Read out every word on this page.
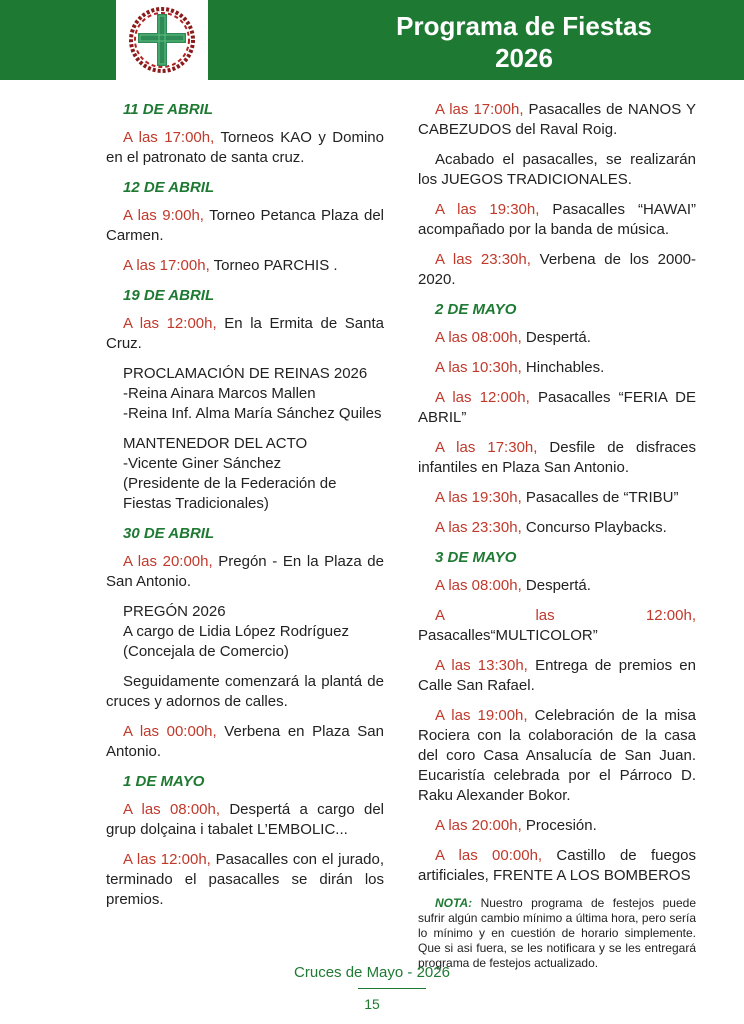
Programa de Fiestas
2026
11 DE ABRIL
A las 17:00h, Torneos KAO y Domino en el patronato de santa cruz.
12 DE ABRIL
A las 9:00h, Torneo Petanca Plaza del Carmen.
A las 17:00h, Torneo PARCHIS .
19 DE ABRIL
A las 12:00h, En la Ermita de Santa Cruz.
PROCLAMACIÓN DE REINAS 2026
-Reina Ainara Marcos Mallen
-Reina Inf. Alma María Sánchez Quiles
MANTENEDOR DEL ACTO
-Vicente Giner Sánchez
(Presidente de la Federación de Fiestas Tradicionales)
30 DE ABRIL
A las 20:00h, Pregón - En la Plaza de San Antonio.
PREGÓN 2026
A cargo de Lidia López Rodríguez
(Concejala de Comercio)
Seguidamente comenzará la plantá de cruces y adornos de calles.
A las 00:00h, Verbena en Plaza San Antonio.
1 DE MAYO
A las 08:00h, Despertá a cargo del grup dolçaina i tabalet L’EMBOLIC...
A las 12:00h, Pasacalles con el jurado, terminado el pasacalles se dirán los premios.
A las 17:00h, Pasacalles de NANOS Y CABEZUDOS del Raval Roig.
Acabado el pasacalles, se realizarán los JUEGOS TRADICIONALES.
A las 19:30h, Pasacalles “HAWAI” acompañado por la banda de música.
A las 23:30h, Verbena de los 2000-2020.
2 DE MAYO
A las 08:00h, Despertá.
A las 10:30h, Hinchables.
A las 12:00h, Pasacalles “FERIA DE ABRIL”
A las 17:30h, Desfile de disfraces infantiles en Plaza San Antonio.
A las 19:30h, Pasacalles de “TRIBU”
A las 23:30h, Concurso Playbacks.
3 DE MAYO
A las 08:00h, Despertá.
A las 12:00h, Pasacalles“MULTICOLOR”
A las 13:30h, Entrega de premios en Calle San Rafael.
A las 19:00h, Celebración de la misa Rociera con la colaboración de la casa del coro Casa Ansalucía de San Juan. Eucaristía celebrada por el Párroco D. Raku Alexander Bokor.
A las 20:00h, Procesión.
A las 00:00h, Castillo de fuegos artificiales, FRENTE A LOS BOMBEROS
NOTA: Nuestro programa de festejos puede sufrir algún cambio mínimo a última hora, pero sería lo mínimo y en cuestión de horario simplemente. Que si asi fuera, se les notificara y se les entregará programa de festejos actualizado.
Cruces de Mayo - 2026
15
